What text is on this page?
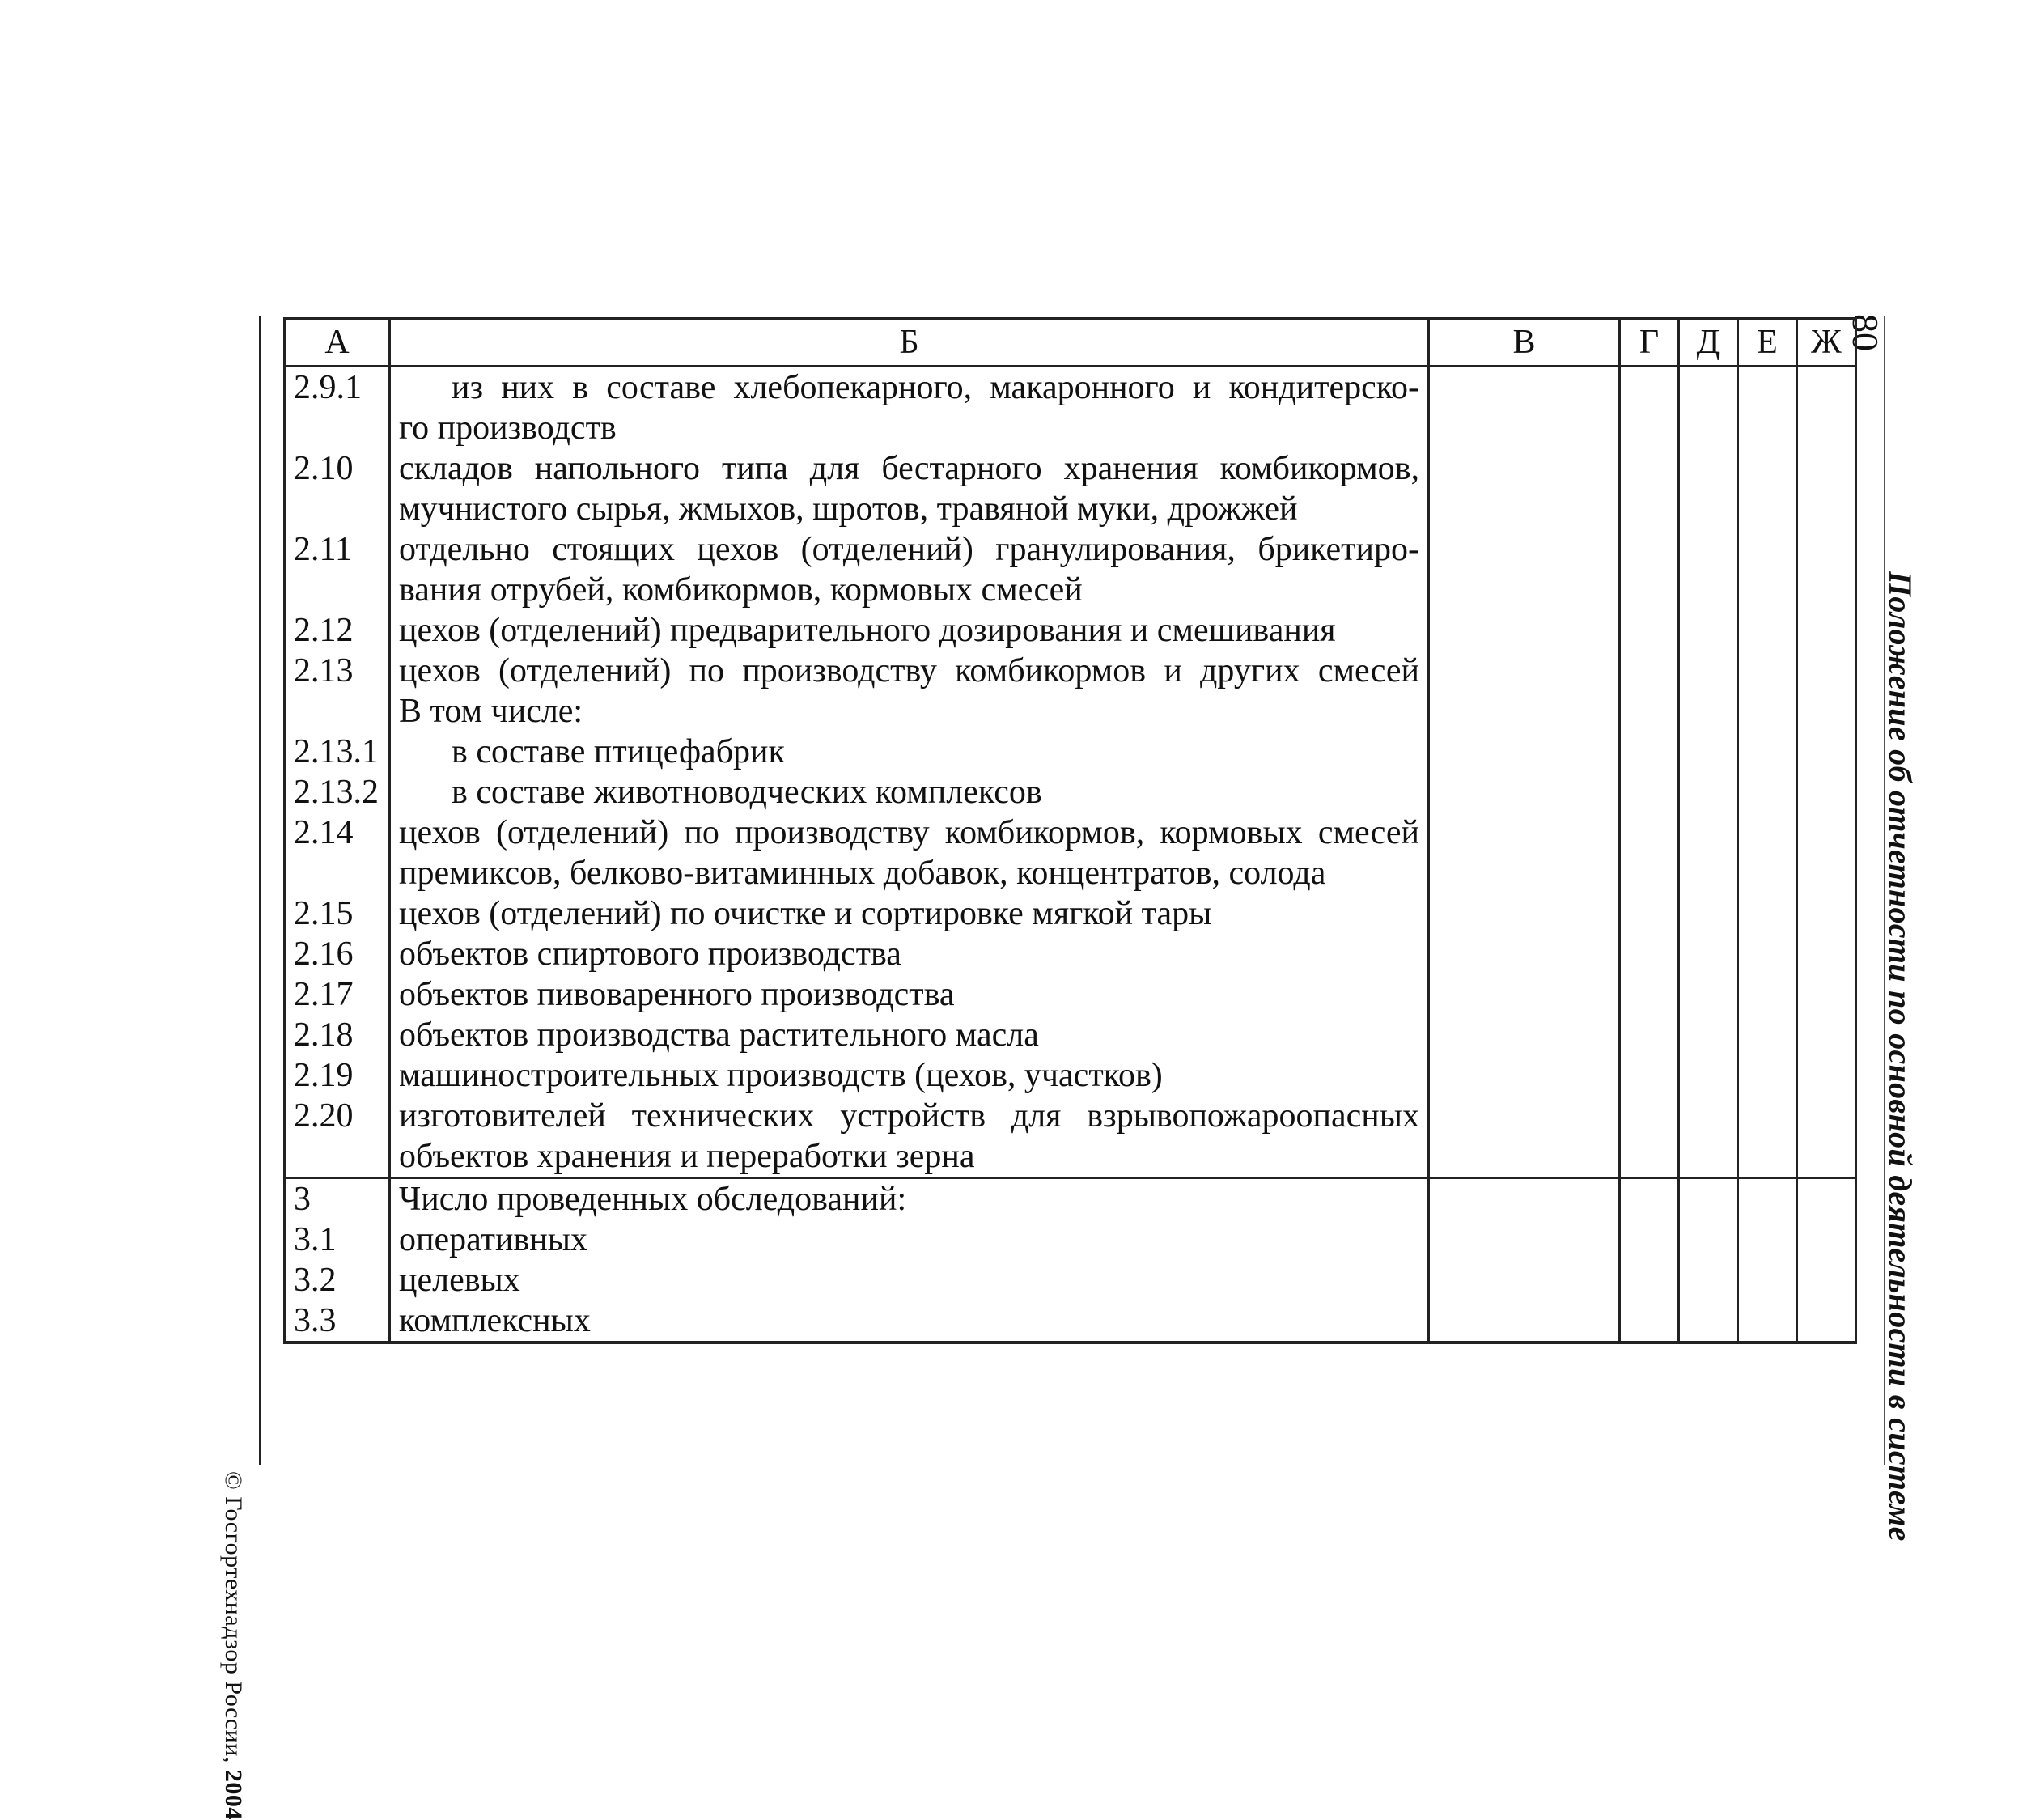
© Госгортехнадзор России, 2004
80
Положение об отчетности по основной деятельности в системе
А	Б	В	Г	Д	Е	Ж
2.9.1	из них в составе хлебопекарного, макаронного и кондитерско-
го производств					

2.10	складов напольного типа для бестарного хранения комбикормов,
мучнистого сырья, жмыхов, шротов, травяной муки, дрожжей					

2.11	отдельно стоящих цехов (отделений) гранулирования, брикетиро-
вания отрубей, комбикормов, кормовых смесей					

2.12	цехов (отделений) предварительного дозирования и смешивания					

2.13	цехов (отделений) по производству комбикормов и других смесей
В том числе:					

2.13.1	в составе птицефабрик					

2.13.2	в составе животноводческих комплексов					

2.14	цехов (отделений) по производству комбикормов, кормовых смесей
премиксов, белково-витаминных добавок, концентратов, солода					

2.15	цехов (отделений) по очистке и сортировке мягкой тары					

2.16	объектов спиртового производства					

2.17	объектов пивоваренного производства					

2.18	объектов производства растительного масла					

2.19	машиностроительных производств (цехов, участков)					

2.20	изготовителей технических устройств для взрывопожароопасных
объектов хранения и переработки зерна					

3	Число проведенных обследований:					

3.1	оперативных					

3.2	целевых					

3.3	комплексных					
